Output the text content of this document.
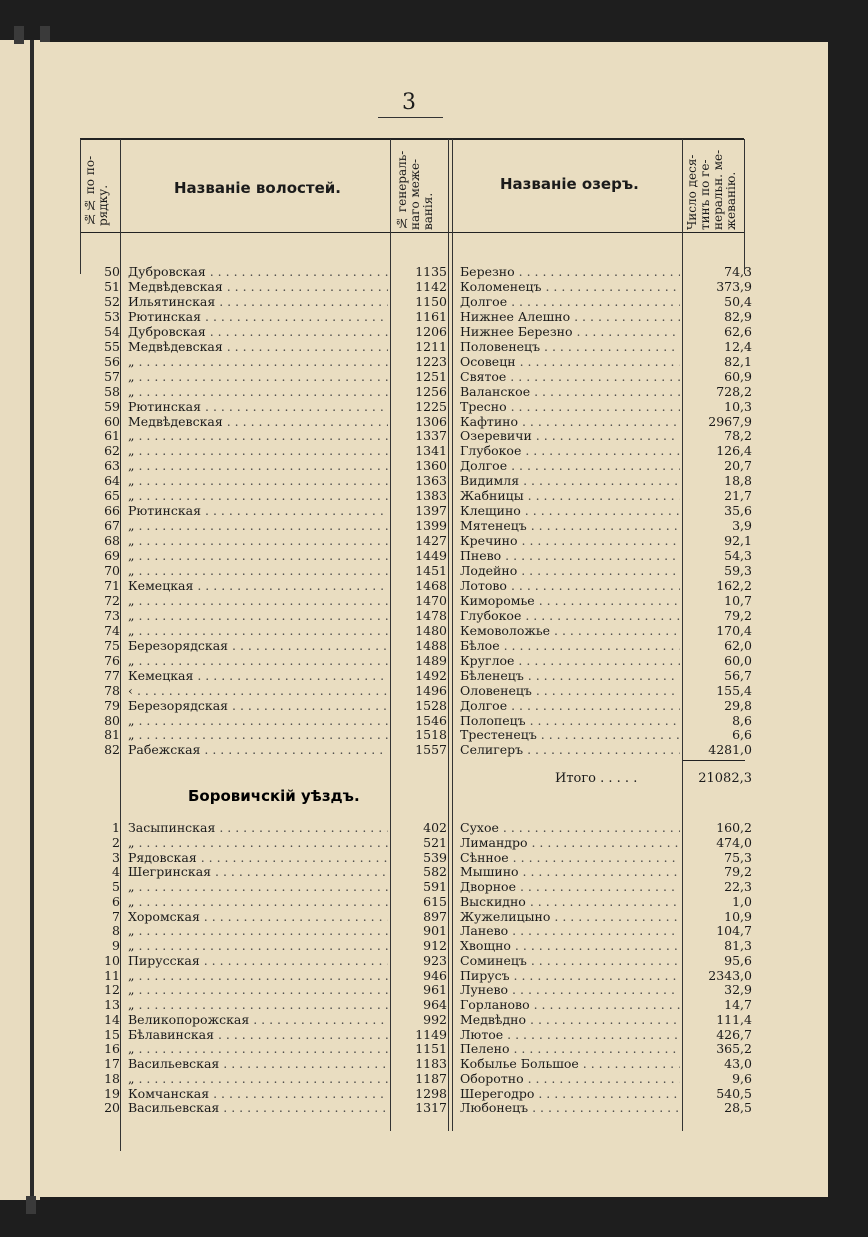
3
№№ по по-рядку.	Названіе волостей.	№ генераль-наго меже-ванія.
Названіе озеръ.	Число деся-тинъ по ге-неральн. ме-жеванію.
50 Дубровская . . .	1135 Березно . . .	74,3
51 Медвѣдевская . . .	1142 Коломенецъ . . .	373,9
52 Ильятинская . . .	1150 Долгое . . .	50,4
53 Рютинская . . .	1161 Нижнее Алешно . . .	82,9
54 Дубровская . . .	1206 Нижнее Березно . . .	62,6
55 Медвѣдевская . . .	1211 Половенецъ . . .	12,4
56 „ . . .	1223 Осовецн . . .	82,1
57 „ . . .	1251 Святое . . .	60,9
58 „ . . .	1256 Валанское . . .	728,2
59 Рютинская . . .	1225 Тресно . . .	10,3
60 Медвѣдевская . . .	1306 Кафтино . . .	2967,9
61 „ . . .	1337 Озеревичи . . .	78,2
62 „ . . .	1341 Глубокое . . .	126,4
63 „ . . .	1360 Долгое . . .	20,7
64 „ . . .	1363 Видимля . . .	18,8
65 „ . . .	1383 Жабницы . . .	21,7
66 Рютинская . . .	1397 Клещино . . .	35,6
67 „ . . .	1399 Мятенецъ . . .	3,9
68 „ . . .	1427 Кречино . . .	92,1
69 „ . . .	1449 Пнево . . .	54,3
70 „ . . .	1451 Лодейно . . .	59,3
71 Кемецкая . . .	1468 Лотово . . .	162,2
72 „ . . .	1470 Киморомье . . .	10,7
73 „ . . .	1478 Глубокое . . .	79,2
74 „ . . .	1480 Кемоволожье . . .	170,4
75 Березорядская . . .	1488 Бѣлое . . .	62,0
76 „ . . .	1489 Круглое . . .	60,0
77 Кемецкая . . .	1492 Бѣленецъ . . .	56,7
78 ‹ . . .	1496 Оловенецъ . . .	155,4
79 Березорядская . . .	1528 Долгое . . .	29,8
80 „ . . .	1546 Полопецъ . . .	8,6
81 „ . . .	1518 Трестенецъ . . .	6,6
82 Рабежская . . .	1557 Селигеръ . . .	4281,0
Итого . . . . .	21082,3
Боровичскій уѣздъ.
1 Засыпинская . . .	402 Сухое . . .	160,2
2 „ . . .	521 Лимандро . . .	474,0
3 Рядовская . . .	539 Сѣнное . . .	75,3
4 Шегринская . . .	582 Мышино . . .	79,2
5 „ . . .	591 Дворное . . .	22,3
6 „ . . .	615 Выскидно . . .	1,0
7 Хоромская . . .	897 Жужелицыно . . .	10,9
8 „ . . .	901 Ланево . . .	104,7
9 „ . . .	912 Хвощно . . .	81,3
10 Пирусская . . .	923 Соминецъ . . .	95,6
11 „ . . .	946 Пирусъ . . .	2343,0
12 „ . . .	961 Лунево . . .	32,9
13 „ . . .	964 Горланово . . .	14,7
14 Великопорожская . . .	992 Медвѣдно . . .	111,4
15 Бѣлавинская . . .	1149 Лютое . . .	426,7
16 „ . . .	1151 Пелено . . .	365,2
17 Васильевская . . .	1183 Кобылье Большое . . .	43,0
18 „ . . .	1187 Оборотно . . .	9,6
19 Комчанская . . .	1298 Шерегодро . . .	540,5
20 Васильевская . . .	1317 Любонецъ . . .	28,5
